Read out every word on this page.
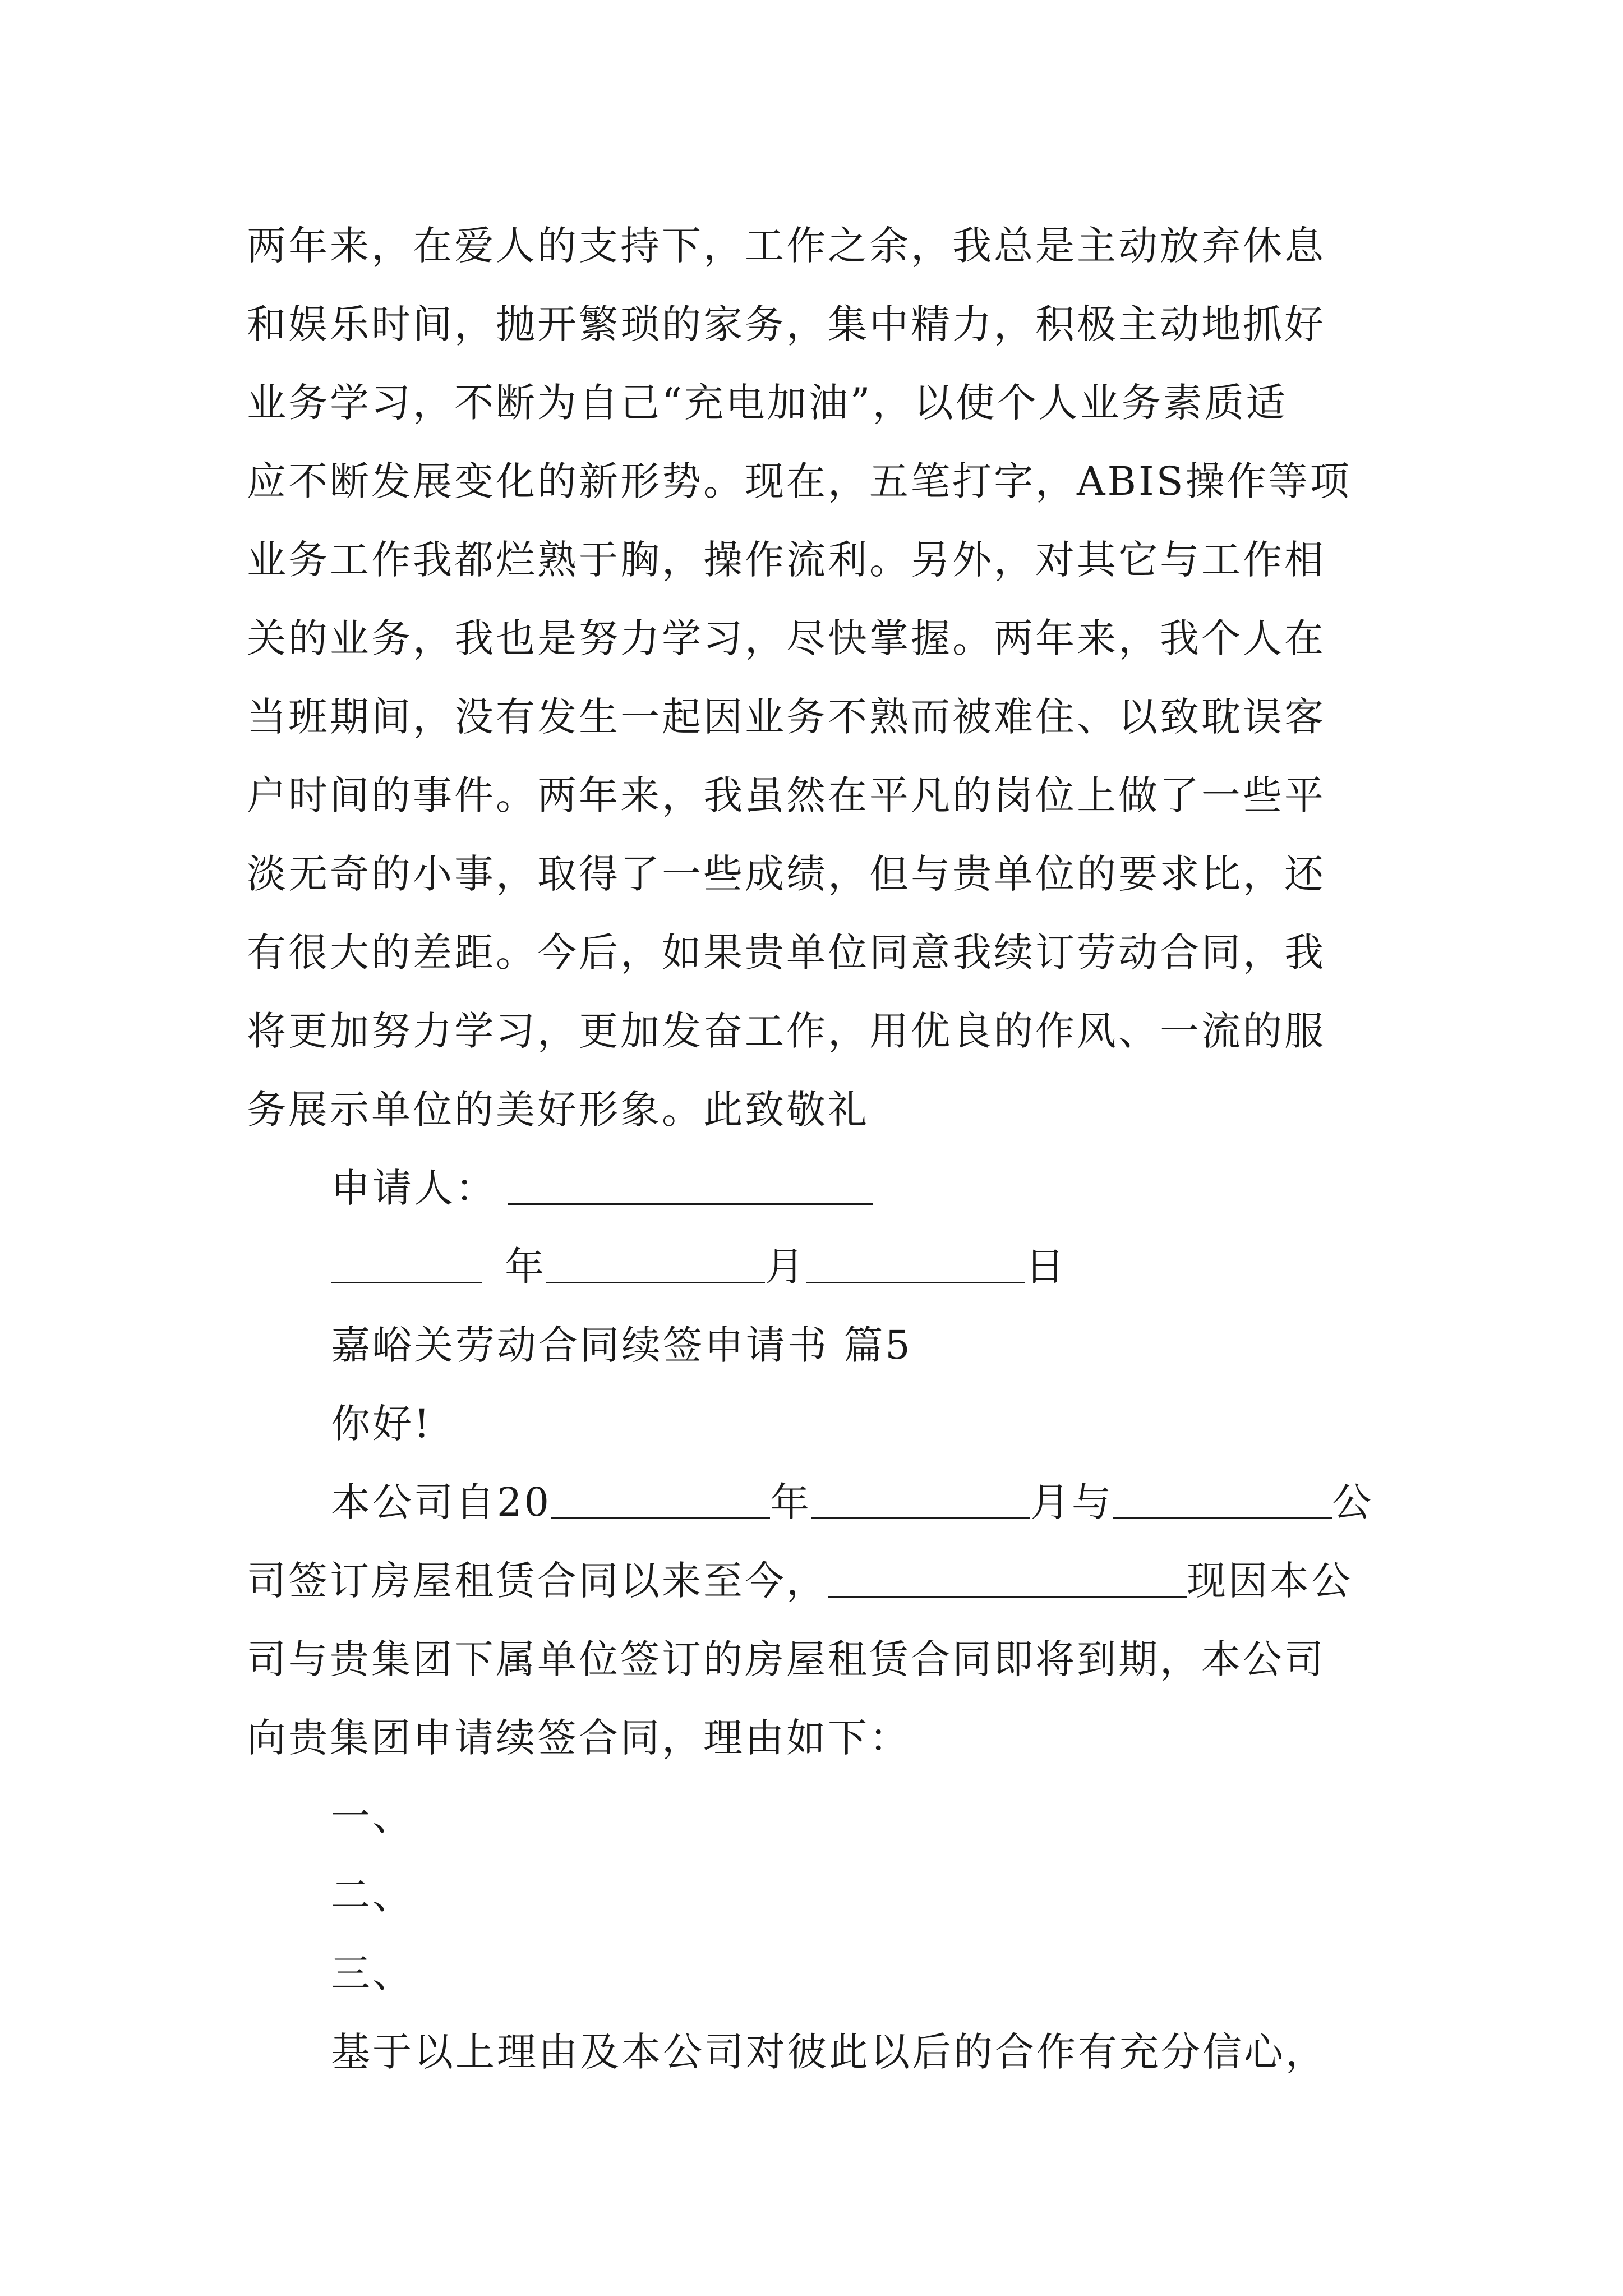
两年来，在爱人的支持下，工作之余，我总是主动放弃休息
和娱乐时间，抛开繁琐的家务，集中精力，积极主动地抓好
业务学习，不断为自己“充电加油”，以使个人业务素质适
应不断发展变化的新形势。现在，五笔打字，ABIS操作等项
业务工作我都烂熟于胸，操作流利。另外，对其它与工作相
关的业务，我也是努力学习，尽快掌握。两年来，我个人在
当班期间，没有发生一起因业务不熟而被难住、以致耽误客
户时间的事件。两年来，我虽然在平凡的岗位上做了一些平
淡无奇的小事，取得了一些成绩，但与贵单位的要求比，还
有很大的差距。今后，如果贵单位同意我续订劳动合同，我
将更加努力学习，更加发奋工作，用优良的作风、一流的服
务展示单位的美好形象。此致敬礼
申请人：
年	月	日
嘉峪关劳动合同续签申请书 篇5
你好!
本公司自20	年	月与	公
司签订房屋租赁合同以来至今，	现因本公
司与贵集团下属单位签订的房屋租赁合同即将到期，本公司
向贵集团申请续签合同，理由如下：
一、
二、
三、
基于以上理由及本公司对彼此以后的合作有充分信心，
